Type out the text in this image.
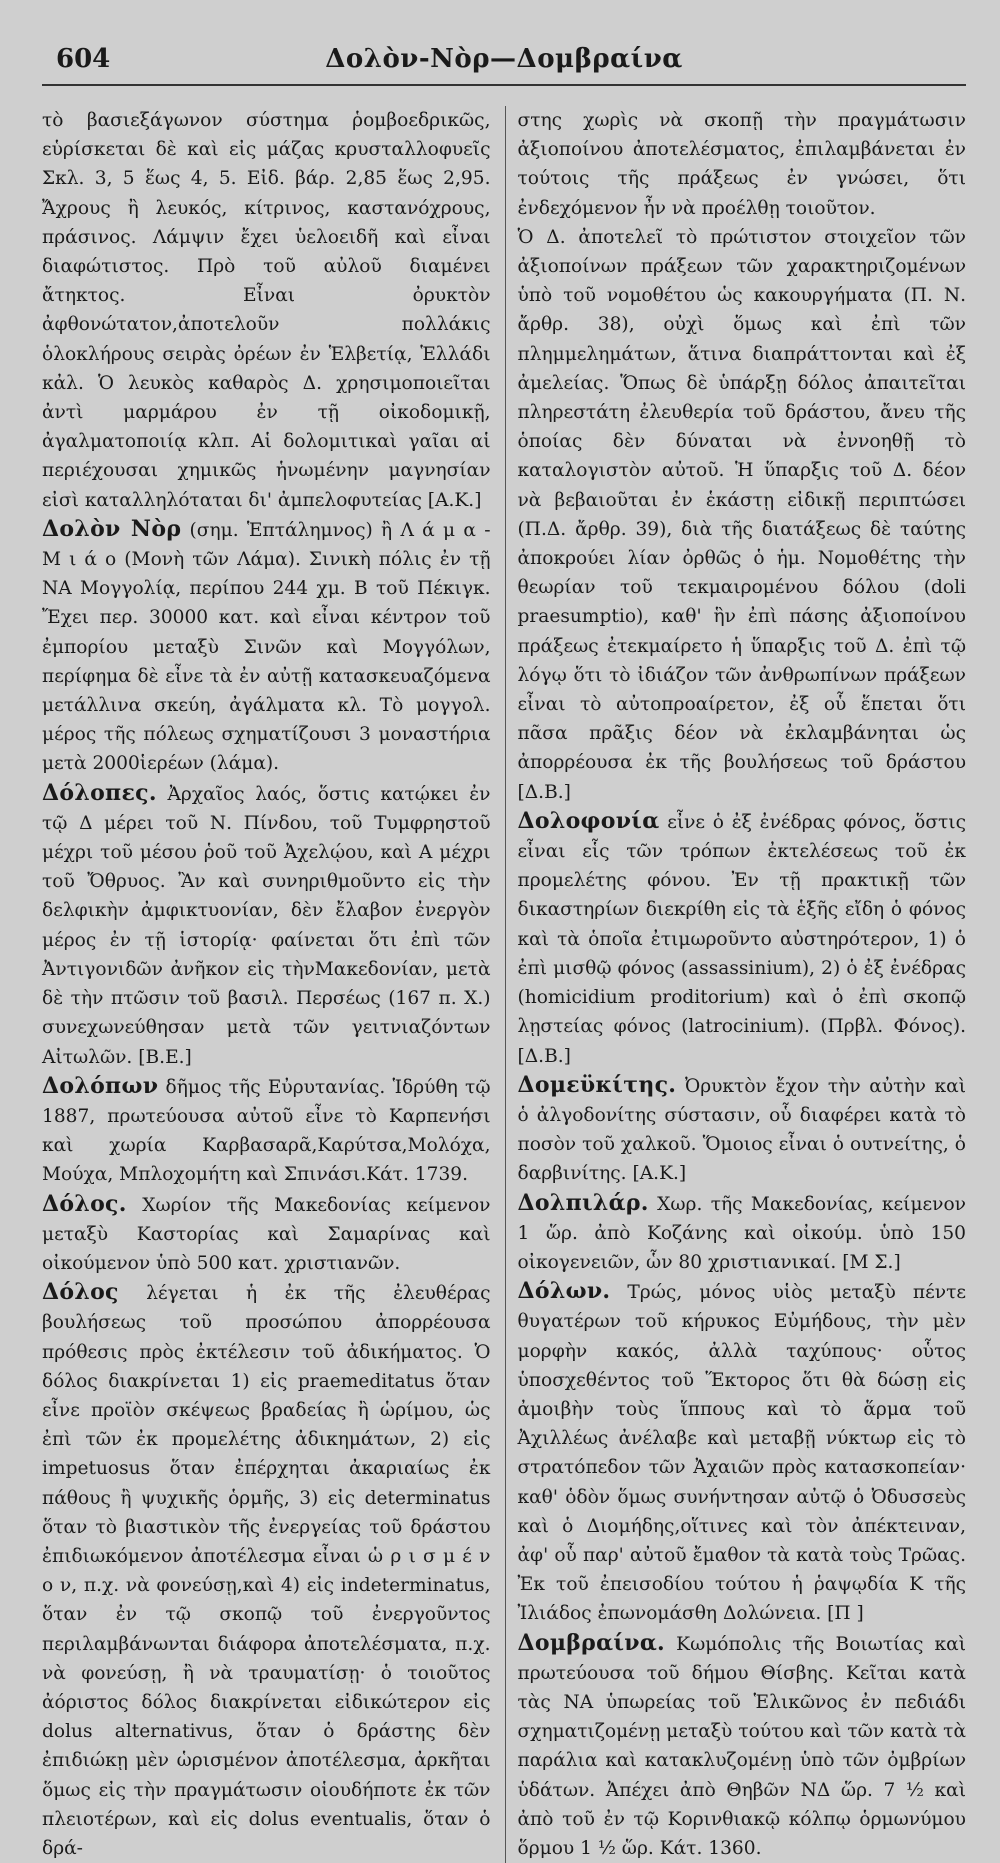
604	Δολὸν-Νὸρ—Δομβραίνα

τὸ βασιεξάγωνον σύστημα ῥομβοεδρικῶς, εὑρίσκεται δὲ καὶ εἰς μάζας κρυσταλλοφυεῖς Σκλ. 3, 5 ἕως 4, 5. Εἰδ. βάρ. 2,85 ἕως 2,95. Ἄχρους ἢ λευκός, κίτρινος, καστανόχρους, πράσινος. Λάμψιν ἔχει ὑελοειδῆ καὶ εἶναι διαφώτιστος. Πρὸ τοῦ αὐλοῦ διαμένει ἄτηκτος. Εἶναι ὀρυκτὸν ἀφθονώτατον,ἀποτελοῦν πολλάκις ὁλοκλήρους σειρὰς ὀρέων ἐν Ἑλβετίᾳ, Ἑλλάδι κἀλ. Ὁ λευκὸς καθαρὸς Δ. χρησιμοποιεῖται ἀντὶ μαρμάρου ἐν τῇ οἰκοδομικῇ, ἀγαλματοποιίᾳ κλπ. Αἱ δολομιτικαὶ γαῖαι αἱ περιέχουσαι χημικῶς ἡνωμένην μαγνησίαν εἰσὶ καταλληλόταται δι' ἀμπελοφυτείας [Α.Κ.]

Δολὸν Νὸρ (σημ. Ἑπτάλημνος) ἢ Λ ά μ α - Μ ι ά ο (Μονὴ τῶν Λάμα). Σινικὴ πόλις ἐν τῇ ΝΑ Μογγολίᾳ, περίπου 244 χμ. Β τοῦ Πέκιγκ. Ἔχει περ. 30000 κατ. καὶ εἶναι κέντρον τοῦ ἐμπορίου μεταξὺ Σινῶν καὶ Μογγόλων, περίφημα δὲ εἶνε τὰ ἐν αὐτῇ κατασκευαζόμενα μετάλλινα σκεύη, ἀγάλματα κλ. Τὸ μογγολ. μέρος τῆς πόλεως σχηματίζουσι 3 μοναστήρια μετὰ 2000ἱερέων (λάμα).

Δόλοπες. Ἀρχαῖος λαός, ὅστις κατῴκει ἐν τῷ Δ μέρει τοῦ Ν. Πίνδου, τοῦ Τυμφρηστοῦ μέχρι τοῦ μέσου ῥοῦ τοῦ Ἀχελῴου, καὶ Α μέχρι τοῦ Ὄθρυος. Ἂν καὶ συνηριθμοῦντο εἰς τὴν δελφικὴν ἀμφικτυονίαν, δὲν ἔλαβον ἐνεργὸν μέρος ἐν τῇ ἱστορίᾳ· φαίνεται ὅτι ἐπὶ τῶν Ἀντιγονιδῶν ἀνῆκον εἰς τὴνΜακεδονίαν, μετὰ δὲ τὴν πτῶσιν τοῦ βασιλ. Περσέως (167 π. Χ.) συνεχωνεύθησαν μετὰ τῶν γειτνιαζόντων Αἰτωλῶν. [Β.Ε.]

Δολόπων δῆμος τῆς Εὐρυτανίας. Ἱδρύθη τῷ 1887, πρωτεύουσα αὐτοῦ εἶνε τὸ Καρπενήσι καὶ χωρία Καρβασαρᾶ,Καρύτσα,Μολόχα, Μούχα, Μπλοχομήτη καὶ Σπινάσι.Κάτ. 1739.

Δόλος. Χωρίον τῆς Μακεδονίας κείμενον μεταξὺ Καστορίας καὶ Σαμαρίνας καὶ οἰκούμενον ὑπὸ 500 κατ. χριστιανῶν.

Δόλος λέγεται ἡ ἐκ τῆς ἐλευθέρας βουλήσεως τοῦ προσώπου ἀπορρέουσα πρόθεσις πρὸς ἐκτέλεσιν τοῦ ἀδικήματος. Ὁ δόλος διακρίνεται 1) εἰς praemeditatus ὅταν εἶνε προϊὸν σκέψεως βραδείας ἢ ὡρίμου, ὡς ἐπὶ τῶν ἐκ προμελέτης ἀδικημάτων, 2) εἰς impetuosus ὅταν ἐπέρχηται ἀκαριαίως ἐκ πάθους ἢ ψυχικῆς ὁρμῆς, 3) εἰς determinatus ὅταν τὸ βιαστικὸν τῆς ἐνεργείας τοῦ δράστου ἐπιδιωκόμενον ἀποτέλεσμα εἶναι ὡ ρ ι σ μ έ ν ο ν, π.χ. νὰ φονεύσῃ,καὶ 4) εἰς indeterminatus, ὅταν ἐν τῷ σκοπῷ τοῦ ἐνεργοῦντος περιλαμβάνωνται διάφορα ἀποτελέσματα, π.χ. νὰ φονεύσῃ, ἢ νὰ τραυματίσῃ· ὁ τοιοῦτος ἀόριστος δόλος διακρίνεται εἰδικώτερον εἰς dolus alternativus, ὅταν ὁ δράστης δὲν ἐπιδιώκῃ μὲν ὡρισμένον ἀποτέλεσμα, ἀρκῆται ὅμως εἰς τὴν πραγμάτωσιν οἱουδήποτε ἐκ τῶν πλειοτέρων, καὶ εἰς dolus eventualis, ὅταν ὁ δρά-

στης χωρὶς νὰ σκοπῇ τὴν πραγμάτωσιν ἀξιοποίνου ἀποτελέσματος, ἐπιλαμβάνεται ἐν τούτοις τῆς πράξεως ἐν γνώσει, ὅτι ἐνδεχόμενον ἦν νὰ προέλθῃ τοιοῦτον.

Ὁ Δ. ἀποτελεῖ τὸ πρώτιστον στοιχεῖον τῶν ἀξιοποίνων πράξεων τῶν χαρακτηριζομένων ὑπὸ τοῦ νομοθέτου ὡς κακουργήματα (Π. Ν. ἄρθρ. 38), οὐχὶ ὅμως καὶ ἐπὶ τῶν πλημμελημάτων, ἅτινα διαπράττονται καὶ ἐξ ἀμελείας. Ὅπως δὲ ὑπάρξῃ δόλος ἀπαιτεῖται πληρεστάτη ἐλευθερία τοῦ δράστου, ἄνευ τῆς ὁποίας δὲν δύναται νὰ ἐννοηθῇ τὸ καταλογιστὸν αὐτοῦ. Ἡ ὕπαρξις τοῦ Δ. δέον νὰ βεβαιοῦται ἐν ἑκάστῃ εἰδικῇ περιπτώσει (Π.Δ. ἄρθρ. 39), διὰ τῆς διατάξεως δὲ ταύτης ἀποκρούει λίαν ὀρθῶς ὁ ἡμ. Νομοθέτης τὴν θεωρίαν τοῦ τεκμαιρομένου δόλου (doli praesumptio), καθ' ἣν ἐπὶ πάσης ἀξιοποίνου πράξεως ἐτεκμαίρετο ἡ ὕπαρξις τοῦ Δ. ἐπὶ τῷ λόγῳ ὅτι τὸ ἰδιάζον τῶν ἀνθρωπίνων πράξεων εἶναι τὸ αὐτοπροαίρετον, ἐξ οὗ ἕπεται ὅτι πᾶσα πρᾶξις δέον νὰ ἐκλαμβάνηται ὡς ἀπορρέουσα ἐκ τῆς βουλήσεως τοῦ δράστου [Δ.Β.]

Δολοφονία εἶνε ὁ ἐξ ἐνέδρας φόνος, ὅστις εἶναι εἷς τῶν τρόπων ἐκτελέσεως τοῦ ἐκ προμελέτης φόνου. Ἐν τῇ πρακτικῇ τῶν δικαστηρίων διεκρίθη εἰς τὰ ἑξῆς εἴδη ὁ φόνος καὶ τὰ ὁποῖα ἐτιμωροῦντο αὐστηρότερον, 1) ὁ ἐπὶ μισθῷ φόνος (assassinium), 2) ὁ ἐξ ἐνέδρας (homicidium proditorium) καὶ ὁ ἐπὶ σκοπῷ λῃστείας φόνος (latrocinium). (Πρβλ. Φόνος). [Δ.Β.]

Δομεϋκίτης. Ὀρυκτὸν ἔχον τὴν αὐτὴν καὶ ὁ ἀλγοδονίτης σύστασιν, οὗ διαφέρει κατὰ τὸ ποσὸν τοῦ χαλκοῦ. Ὅμοιος εἶναι ὁ ουτνείτης, ὁ δαρβινίτης. [Α.Κ.]

Δολπιλάρ. Χωρ. τῆς Μακεδονίας, κείμενον 1 ὥρ. ἀπὸ Κοζάνης καὶ οἰκούμ. ὑπὸ 150 οἰκογενειῶν, ὧν 80 χριστιανικαί. [Μ Σ.]

Δόλων. Τρώς, μόνος υἱὸς μεταξὺ πέντε θυγατέρων τοῦ κήρυκος Εὐμήδους, τὴν μὲν μορφὴν κακός, ἀλλὰ ταχύπους· οὗτος ὑποσχεθέντος τοῦ Ἕκτορος ὅτι θὰ δώσῃ εἰς ἀμοιβὴν τοὺς ἵππους καὶ τὸ ἅρμα τοῦ Ἀχιλλέως ἀνέλαβε καὶ μεταβῇ νύκτωρ εἰς τὸ στρατόπεδον τῶν Ἀχαιῶν πρὸς κατασκοπείαν· καθ' ὁδὸν ὅμως συνήντησαν αὐτῷ ὁ Ὀδυσσεὺς καὶ ὁ Διομήδης,οἵτινες καὶ τὸν ἀπέκτειναν, ἀφ' οὗ παρ' αὐτοῦ ἔμαθον τὰ κατὰ τοὺς Τρῶας. Ἐκ τοῦ ἐπεισοδίου τούτου ἡ ῥαψῳδία Κ τῆς Ἰλιάδος ἐπωνομάσθη Δολώνεια. [Π ]

Δομβραίνα. Κωμόπολις τῆς Βοιωτίας καὶ πρωτεύουσα τοῦ δήμου Θίσβης. Κεῖται κατὰ τὰς ΝΑ ὑπωρείας τοῦ Ἑλικῶνος ἐν πεδιάδι σχηματιζομένῃ μεταξὺ τούτου καὶ τῶν κατὰ τὰ παράλια καὶ κατακλυζομένῃ ὑπὸ τῶν ὀμβρίων ὑδάτων. Ἀπέχει ἀπὸ Θηβῶν ΝΔ ὥρ. 7 ½ καὶ ἀπὸ τοῦ ἐν τῷ Κορινθιακῷ κόλπῳ ὁρμωνύμου ὅρμου 1 ½ ὥρ. Κάτ. 1360.
